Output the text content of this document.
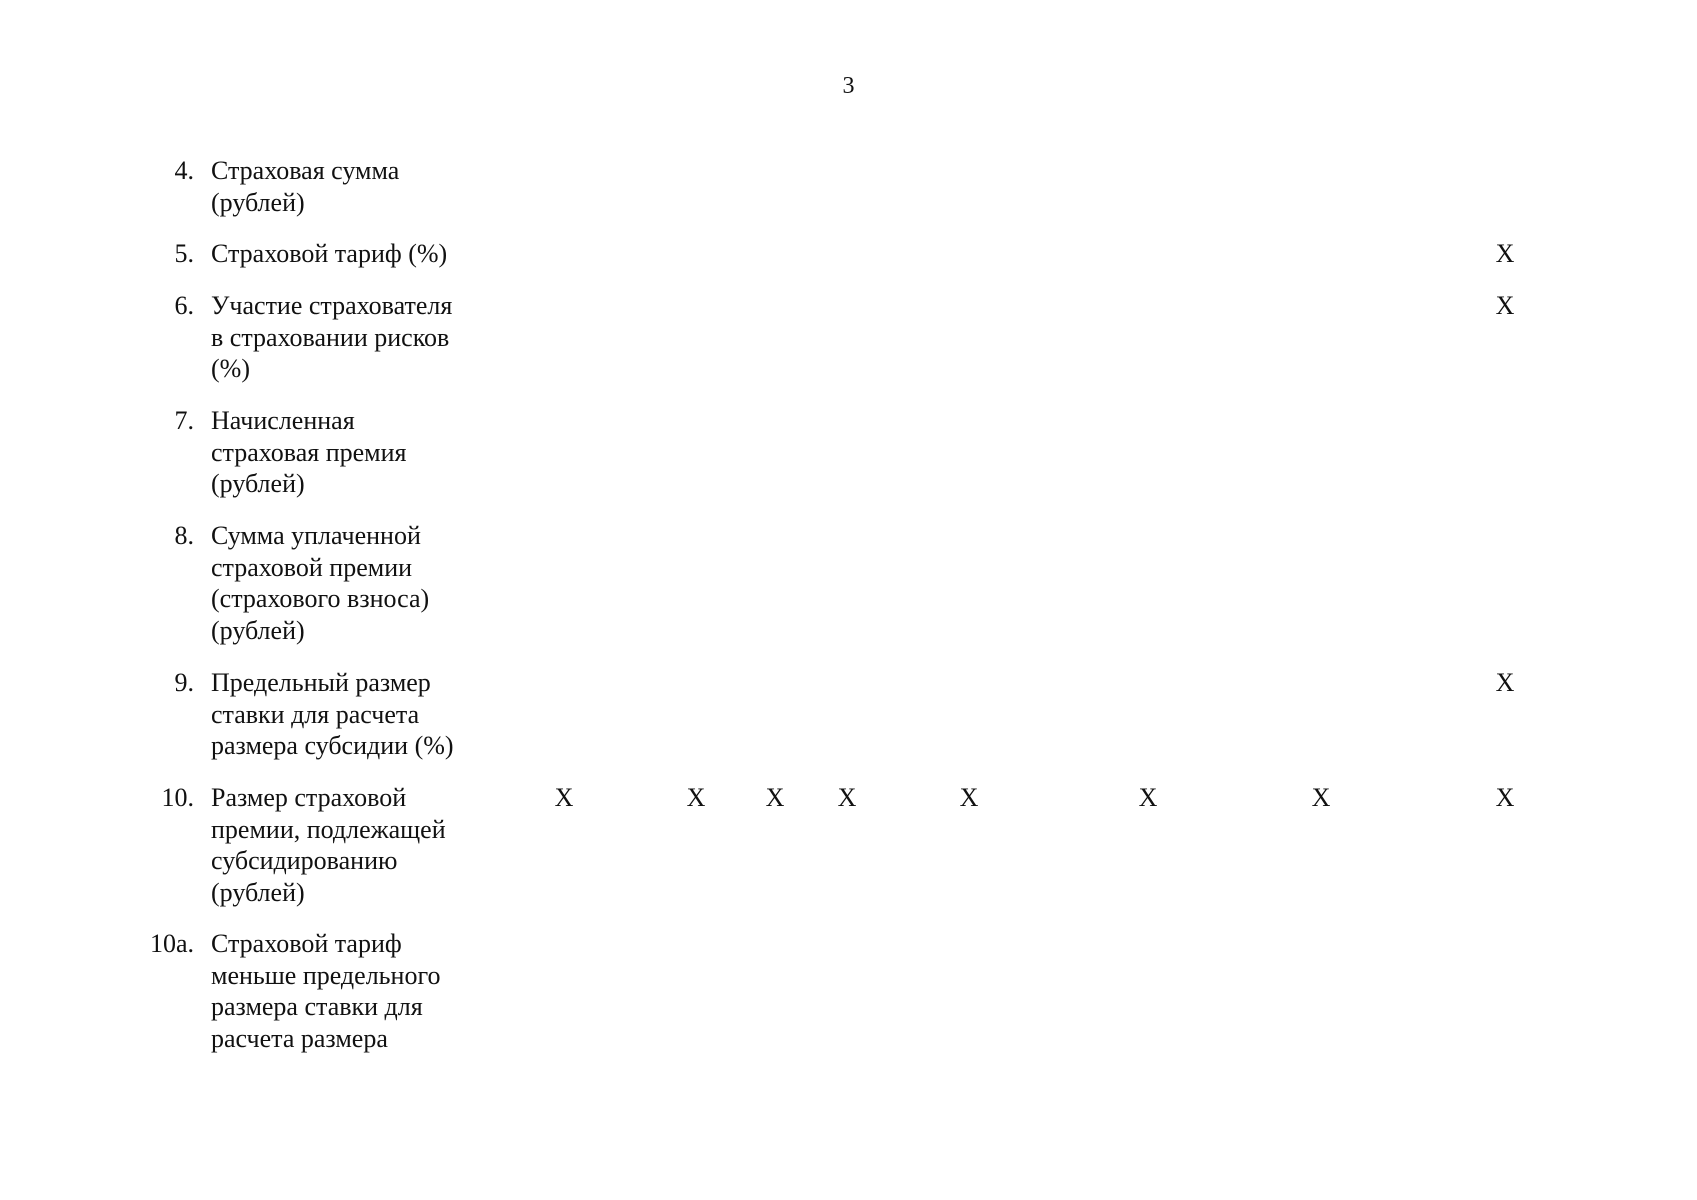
3
4. Страховая сумма
(рублей)
5. Страховой тариф (%)	X
6. Участие страхователя
в страховании рисков
(%)
X
7. Начисленная
страховая премия
(рублей)
8. Сумма уплаченной
страховой премии
(страхового взноса)
(рублей)
9. Предельный размер
ставки для расчета
размера субсидии (%)
X
10. Размер страховой
премии, подлежащей
субсидированию
(рублей)
X	X	X	X	X	X	X	X
10а. Страховой тариф
меньше предельного
размера ставки для
расчета размера
